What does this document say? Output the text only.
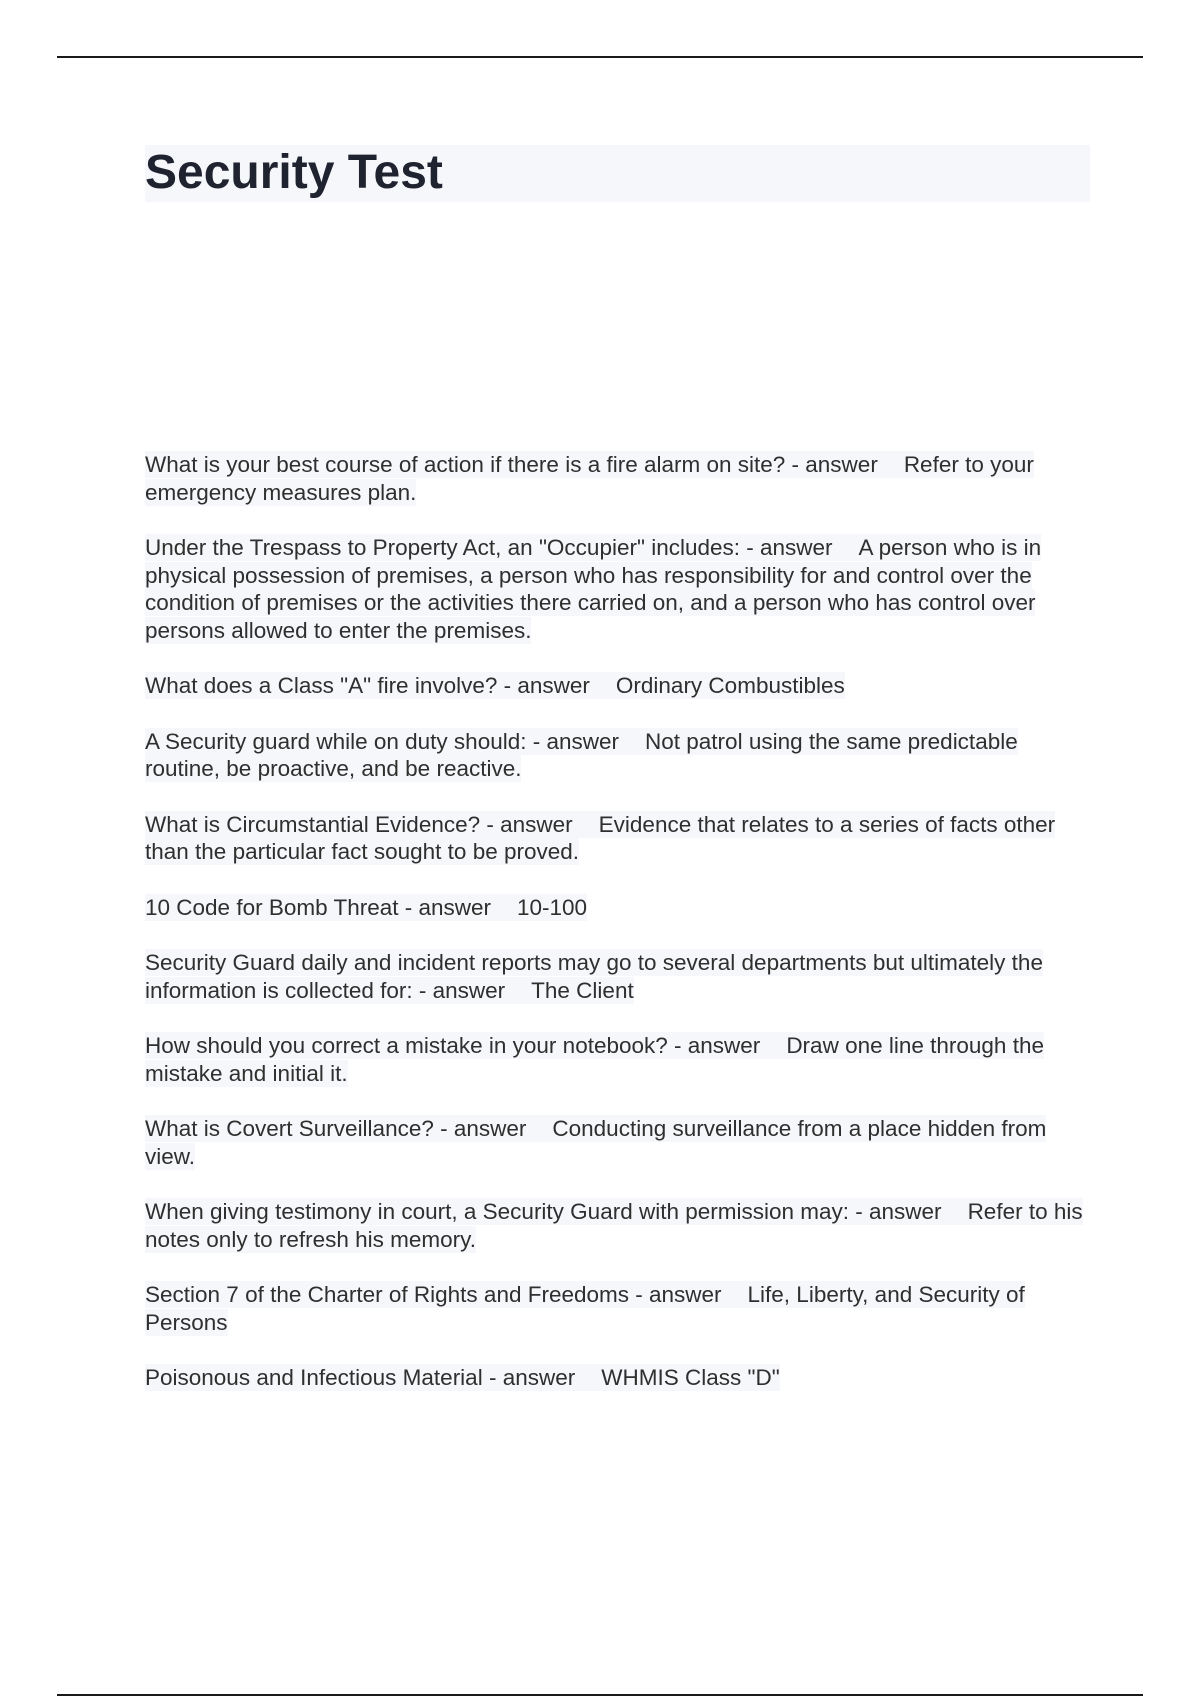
Security Test

What is your best course of action if there is a fire alarm on site? - answer Refer to your emergency measures plan.

Under the Trespass to Property Act, an "Occupier" includes: - answer A person who is in physical possession of premises, a person who has responsibility for and control over the condition of premises or the activities there carried on, and a person who has control over persons allowed to enter the premises.

What does a Class "A" fire involve? - answer Ordinary Combustibles

A Security guard while on duty should: - answer Not patrol using the same predictable routine, be proactive, and be reactive.

What is Circumstantial Evidence? - answer Evidence that relates to a series of facts other than the particular fact sought to be proved.

10 Code for Bomb Threat - answer 10-100

Security Guard daily and incident reports may go to several departments but ultimately the information is collected for: - answer The Client

How should you correct a mistake in your notebook? - answer Draw one line through the mistake and initial it.

What is Covert Surveillance? - answer Conducting surveillance from a place hidden from view.

When giving testimony in court, a Security Guard with permission may: - answer Refer to his notes only to refresh his memory.

Section 7 of the Charter of Rights and Freedoms - answer Life, Liberty, and Security of Persons

Poisonous and Infectious Material - answer WHMIS Class "D"
